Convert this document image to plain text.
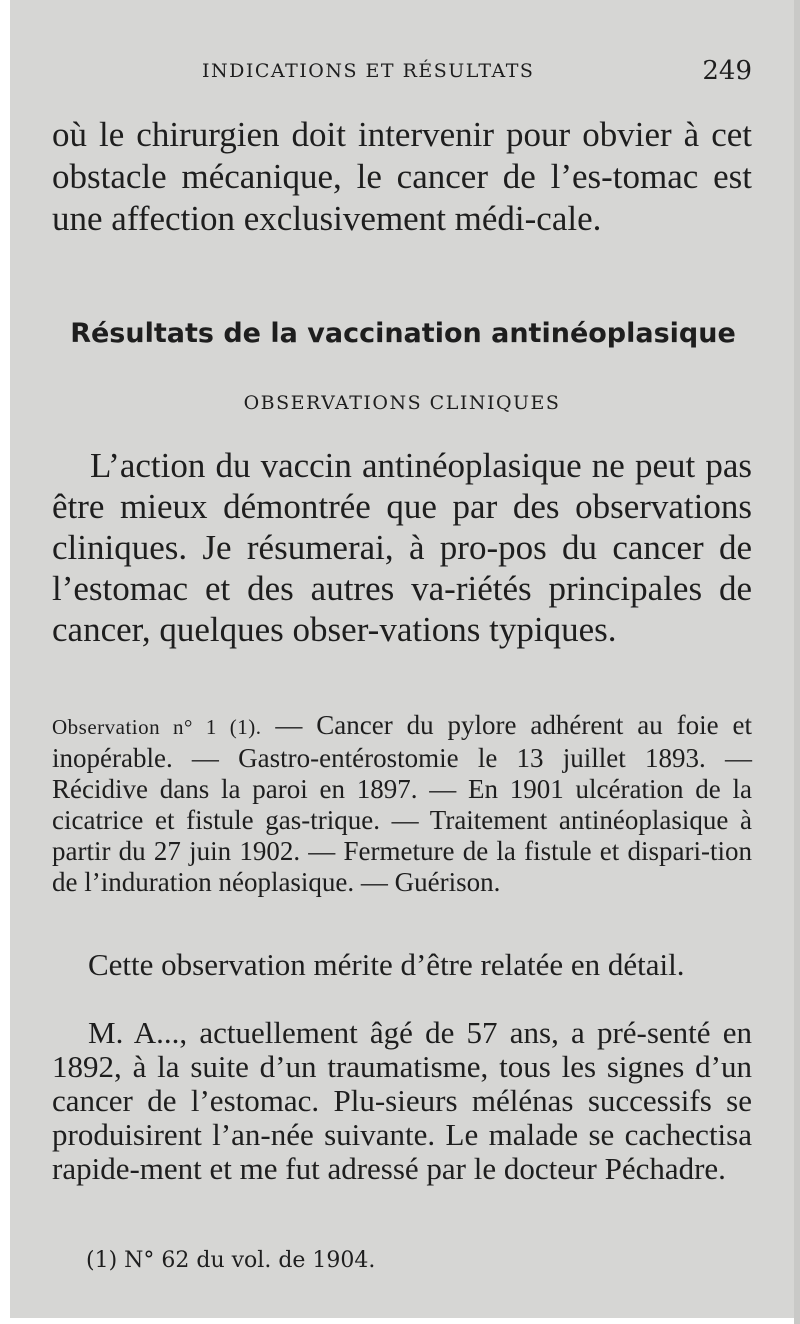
INDICATIONS ET RÉSULTATS	249

où le chirurgien doit intervenir pour obvier à cet obstacle mécanique, le cancer de l’es-tomac est une affection exclusivement médi-cale.

Résultats de la vaccination antinéoplasique
OBSERVATIONS CLINIQUES

L’action du vaccin antinéoplasique ne peut pas être mieux démontrée que par des observations cliniques. Je résumerai, à pro-pos du cancer de l’estomac et des autres va-riétés principales de cancer, quelques obser-vations typiques.

Observation n° 1 (1). — Cancer du pylore adhérent au foie et inopérable. — Gastro-entérostomie le 13 juillet 1893. — Récidive dans la paroi en 1897. — En 1901 ulcération de la cicatrice et fistule gas-trique. — Traitement antinéoplasique à partir du 27 juin 1902. — Fermeture de la fistule et dispari-tion de l’induration néoplasique. — Guérison.

Cette observation mérite d’être relatée en détail.

M. A..., actuellement âgé de 57 ans, a pré-senté en 1892, à la suite d’un traumatisme, tous les signes d’un cancer de l’estomac. Plu-sieurs mélénas successifs se produisirent l’an-née suivante. Le malade se cachectisa rapide-ment et me fut adressé par le docteur Péchadre.

(1) N° 62 du vol. de 1904.
